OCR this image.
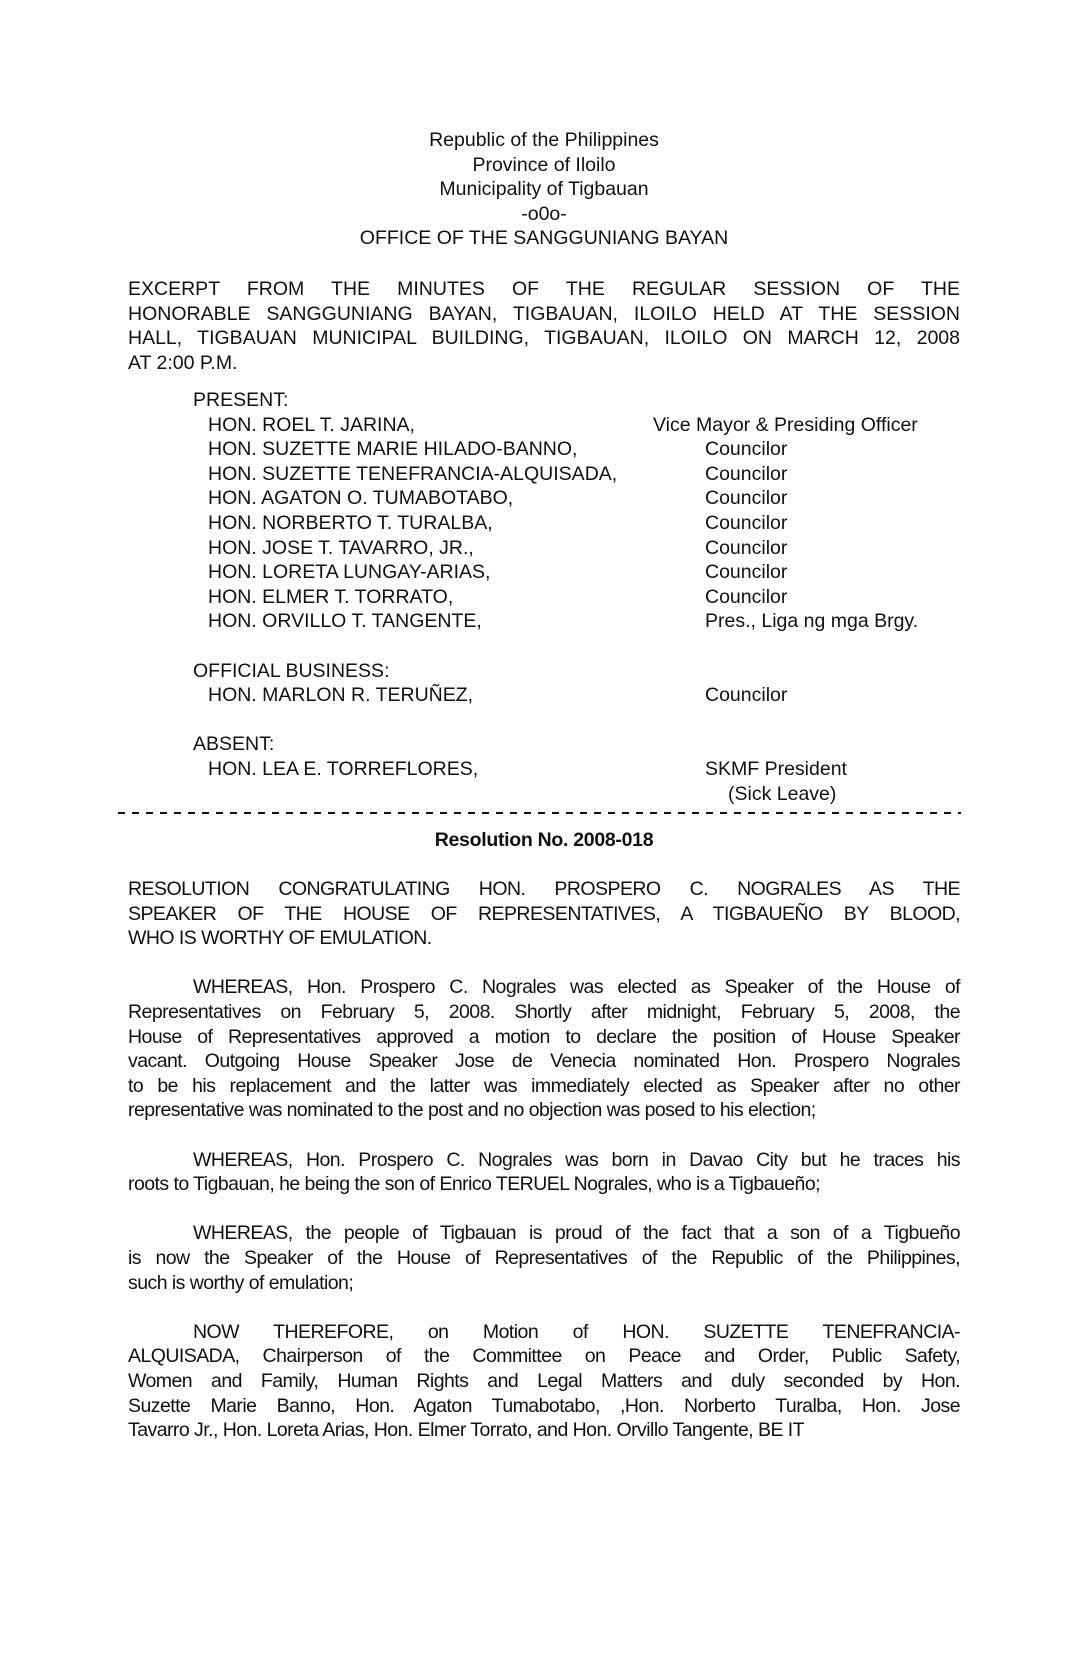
Republic of the Philippines
Province of Iloilo
Municipality of Tigbauan
-o0o-
OFFICE OF THE SANGGUNIANG BAYAN
EXCERPT FROM THE MINUTES OF THE REGULAR SESSION OF THE
HONORABLE SANGGUNIANG BAYAN, TIGBAUAN, ILOILO HELD AT THE SESSION
HALL, TIGBAUAN MUNICIPAL BUILDING, TIGBAUAN, ILOILO ON MARCH 12, 2008
AT 2:00 P.M.
PRESENT:
HON. ROEL T. JARINA,	Vice Mayor & Presiding Officer
HON. SUZETTE MARIE HILADO-BANNO,	Councilor
HON. SUZETTE TENEFRANCIA-ALQUISADA,	Councilor
HON. AGATON O. TUMABOTABO,	Councilor
HON. NORBERTO T. TURALBA,	Councilor
HON. JOSE T. TAVARRO, JR.,	Councilor
HON. LORETA LUNGAY-ARIAS,	Councilor
HON. ELMER T. TORRATO,	Councilor
HON. ORVILLO T. TANGENTE,	Pres., Liga ng mga Brgy.
OFFICIAL BUSINESS:
HON. MARLON R. TERUÑEZ,	Councilor
ABSENT:
HON. LEA E. TORREFLORES,	SKMF President
(Sick Leave)
Resolution No. 2008-018
RESOLUTION CONGRATULATING HON. PROSPERO C. NOGRALES AS THE
SPEAKER OF THE HOUSE OF REPRESENTATIVES, A TIGBAUEÑO BY BLOOD,
WHO IS WORTHY OF EMULATION.
WHEREAS, Hon. Prospero C. Nograles was elected as Speaker of the House of
Representatives on February 5, 2008. Shortly after midnight, February 5, 2008, the
House of Representatives approved a motion to declare the position of House Speaker
vacant. Outgoing House Speaker Jose de Venecia nominated Hon. Prospero Nograles
to be his replacement and the latter was immediately elected as Speaker after no other
representative was nominated to the post and no objection was posed to his election;
WHEREAS, Hon. Prospero C. Nograles was born in Davao City but he traces his
roots to Tigbauan, he being the son of Enrico TERUEL Nograles, who is a Tigbaueño;
WHEREAS, the people of Tigbauan is proud of the fact that a son of a Tigbueño
is now the Speaker of the House of Representatives of the Republic of the Philippines,
such is worthy of emulation;
NOW THEREFORE, on Motion of HON. SUZETTE TENEFRANCIA-
ALQUISADA, Chairperson of the Committee on Peace and Order, Public Safety,
Women and Family, Human Rights and Legal Matters and duly seconded by Hon.
Suzette Marie Banno, Hon. Agaton Tumabotabo, ,Hon. Norberto Turalba, Hon. Jose
Tavarro Jr., Hon. Loreta Arias, Hon. Elmer Torrato, and Hon. Orvillo Tangente, BE IT
